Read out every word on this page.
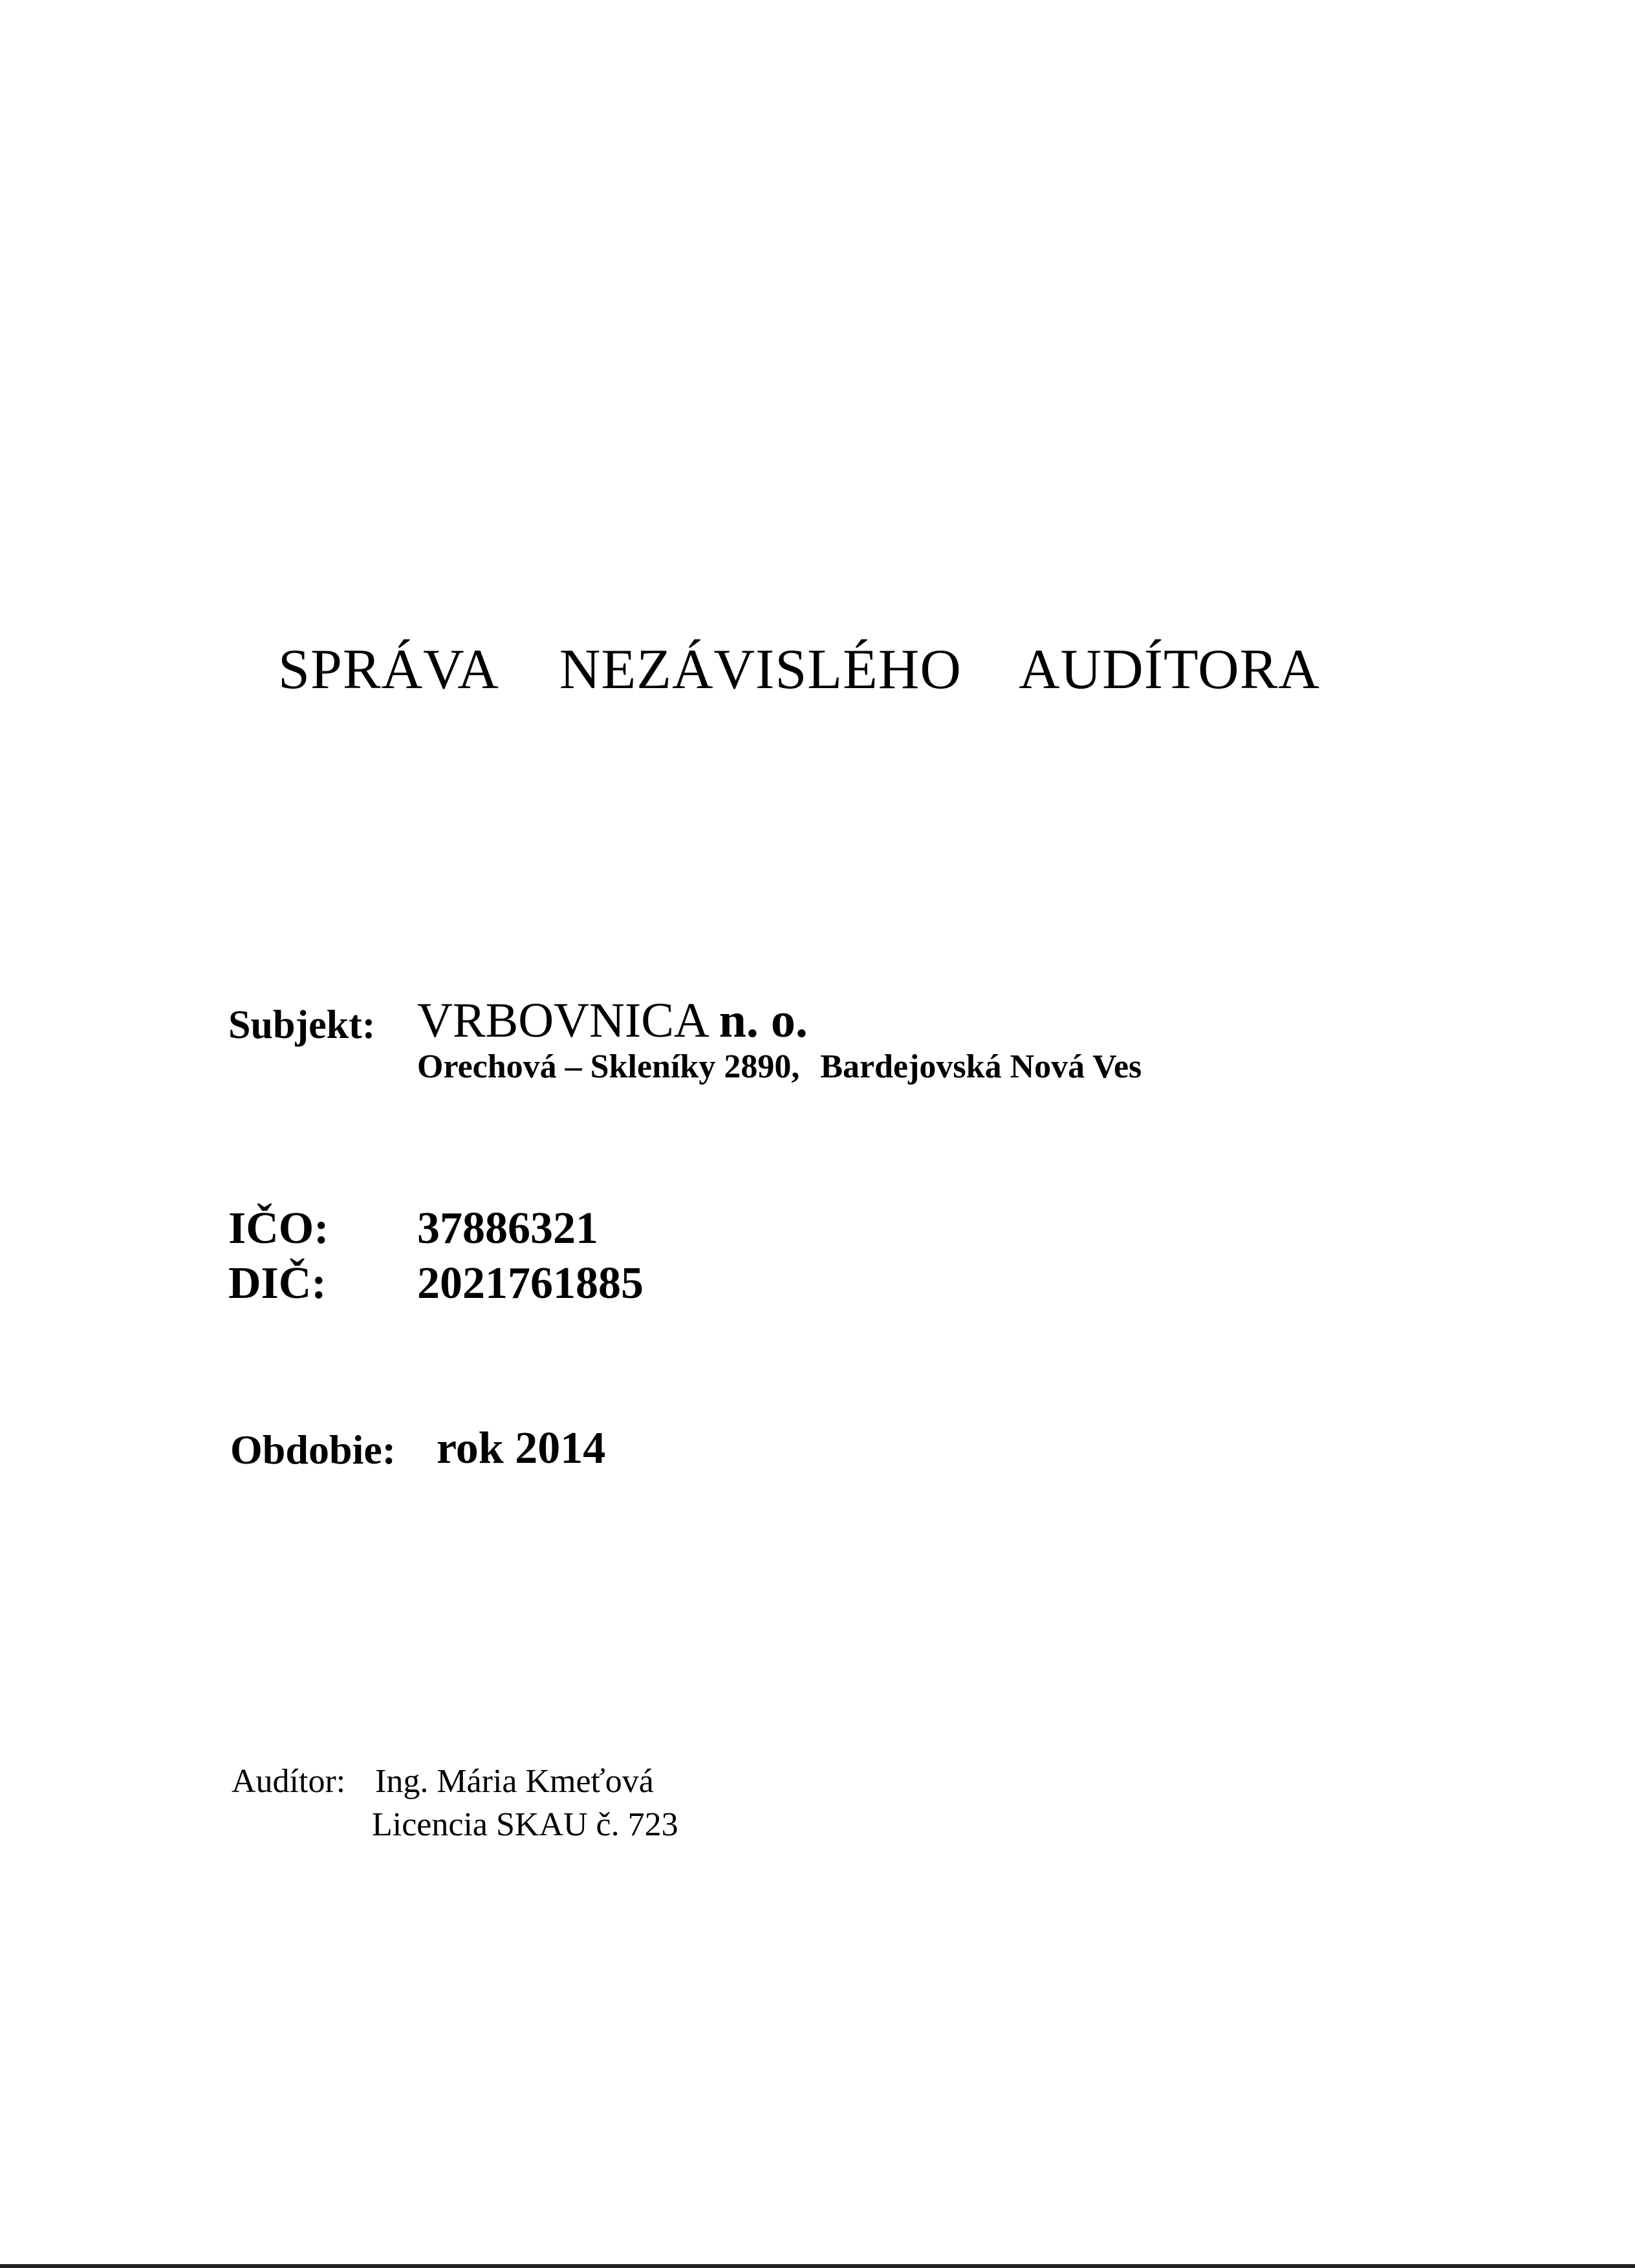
SPRÁVA NEZÁVISLÉHO AUDÍTORA
Subjekt: VRBOVNICA n. o.
Orechová – Skleníky 2890, Bardejovská Nová Ves
IČO: 37886321
DIČ: 2021761885
Obdobie: rok 2014
Audítor: Ing. Mária Kmeťová
Licencia SKAU č. 723
